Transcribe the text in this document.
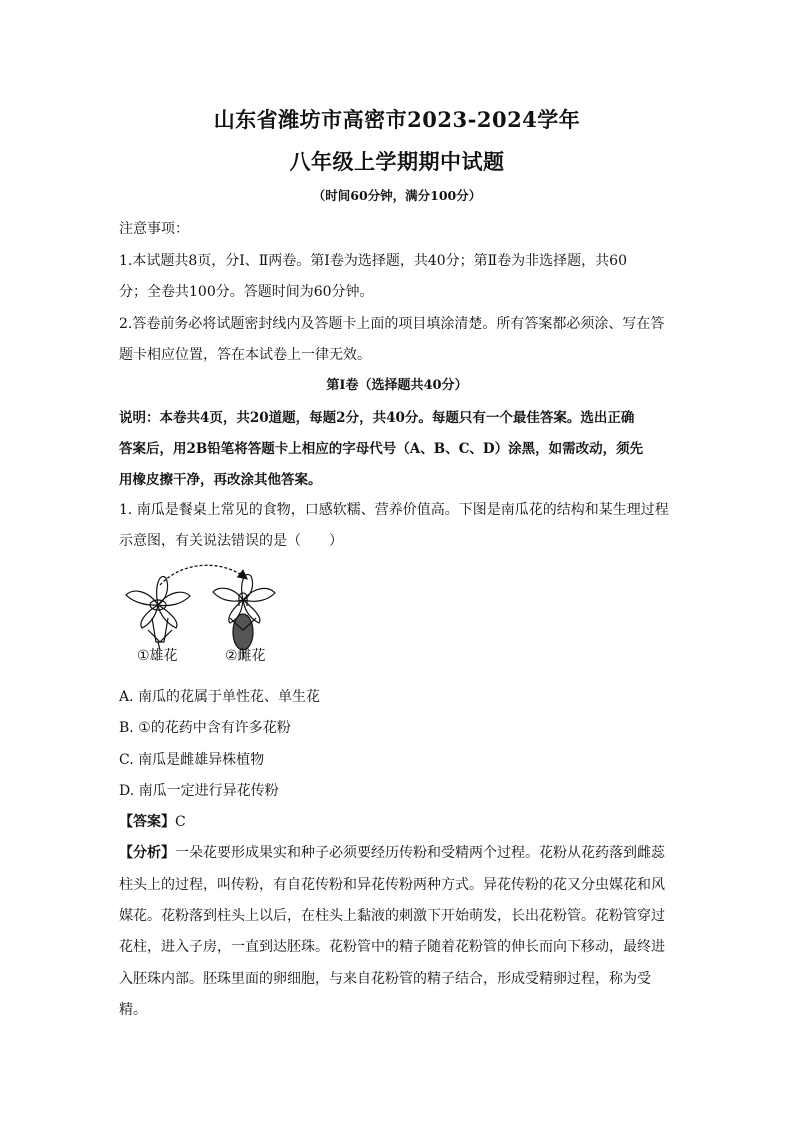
山东省潍坊市高密市2023-2024学年
八年级上学期期中试题
（时间60分钟，满分100分）
注意事项：
1.本试题共8页，分Ⅰ、Ⅱ两卷。第Ⅰ卷为选择题，共40分；第Ⅱ卷为非选择题，共60
分；全卷共100分。答题时间为60分钟。
2.答卷前务必将试题密封线内及答题卡上面的项目填涂清楚。所有答案都必须涂、写在答
题卡相应位置，答在本试卷上一律无效。
第Ⅰ卷（选择题共40分）
说明：本卷共4页，共20道题，每题2分，共40分。每题只有一个最佳答案。选出正确
答案后，用2B铅笔将答题卡上相应的字母代号（A、B、C、D）涂黑，如需改动，须先
用橡皮擦干净，再改涂其他答案。
1. 南瓜是餐桌上常见的食物，口感软糯、营养价值高。下图是南瓜花的结构和某生理过程
示意图，有关说法错误的是（　　）
①雄花	②雌花
A. 南瓜的花属于单性花、单生花
B. ①的花药中含有许多花粉
C. 南瓜是雌雄异株植物
D. 南瓜一定进行异花传粉
【答案】C
【分析】一朵花要形成果实和种子必须要经历传粉和受精两个过程。花粉从花药落到雌蕊
柱头上的过程，叫传粉，有自花传粉和异花传粉两种方式。异花传粉的花又分虫媒花和风
媒花。花粉落到柱头上以后，在柱头上黏液的刺激下开始萌发，长出花粉管。花粉管穿过
花柱，进入子房，一直到达胚珠。花粉管中的精子随着花粉管的伸长而向下移动，最终进
入胚珠内部。胚珠里面的卵细胞，与来自花粉管的精子结合，形成受精卵过程，称为受
精。
